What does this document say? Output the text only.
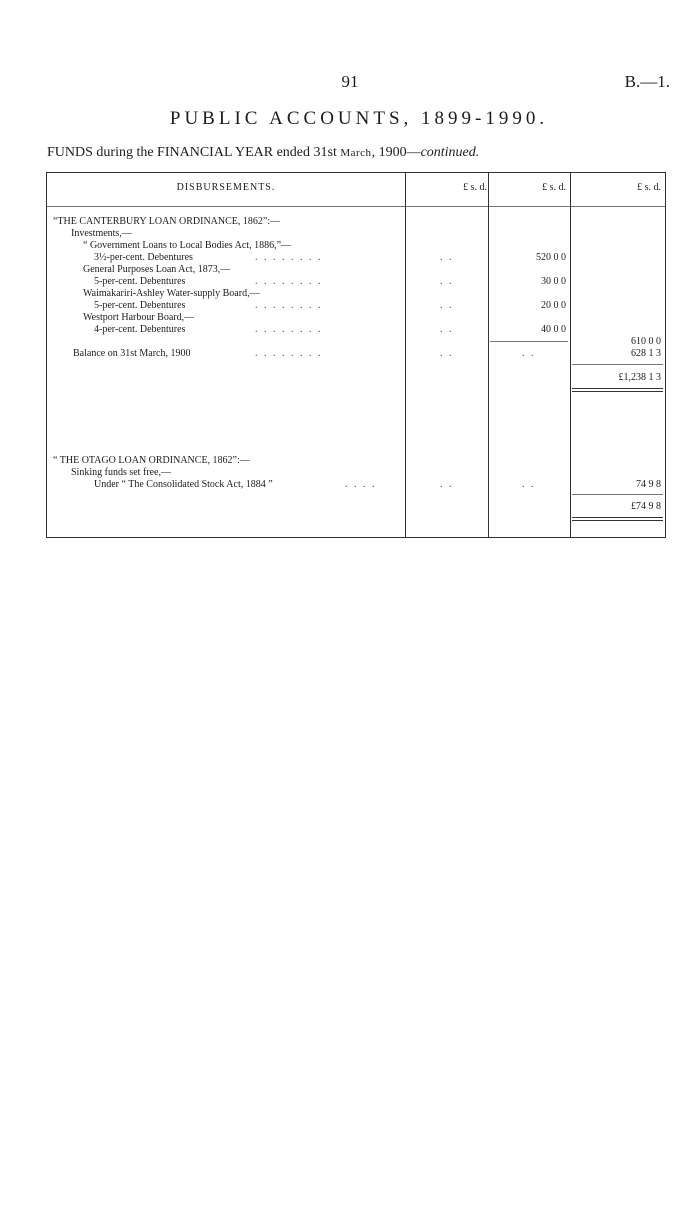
91	B.—1.
PUBLIC ACCOUNTS, 1899-1990.
FUNDS during the FINANCIAL YEAR ended 31st March, 1900—continued.
DISBURSEMENTS.	£ s. d.	£ s. d.	£ s. d.
“THE CANTERBURY LOAN ORDINANCE, 1862”:—
Investments,—
“ Government Loans to Local Bodies Act, 1886,”—
3½-per-cent. Debentures	. . . . . . . .	. .	520 0 0
General Purposes Loan Act, 1873,—
5-per-cent. Debentures	. . . . . . . .	. .	30 0 0
Waimakariri-Ashley Water-supply Board,—
5-per-cent. Debentures	. . . . . . . .	. .	20 0 0
Westport Harbour Board,—
4-per-cent. Debentures	. . . . . . . .	. .	40 0 0
610 0 0
Balance on 31st March, 1900	. . . . . . . .	. .	. .	628 1 3
£1,238 1 3
“ THE OTAGO LOAN ORDINANCE, 1862”:—
Sinking funds set free,—
Under “ The Consolidated Stock Act, 1884 ”	. . . .	. .	. .	74 9 8
£74 9 8
